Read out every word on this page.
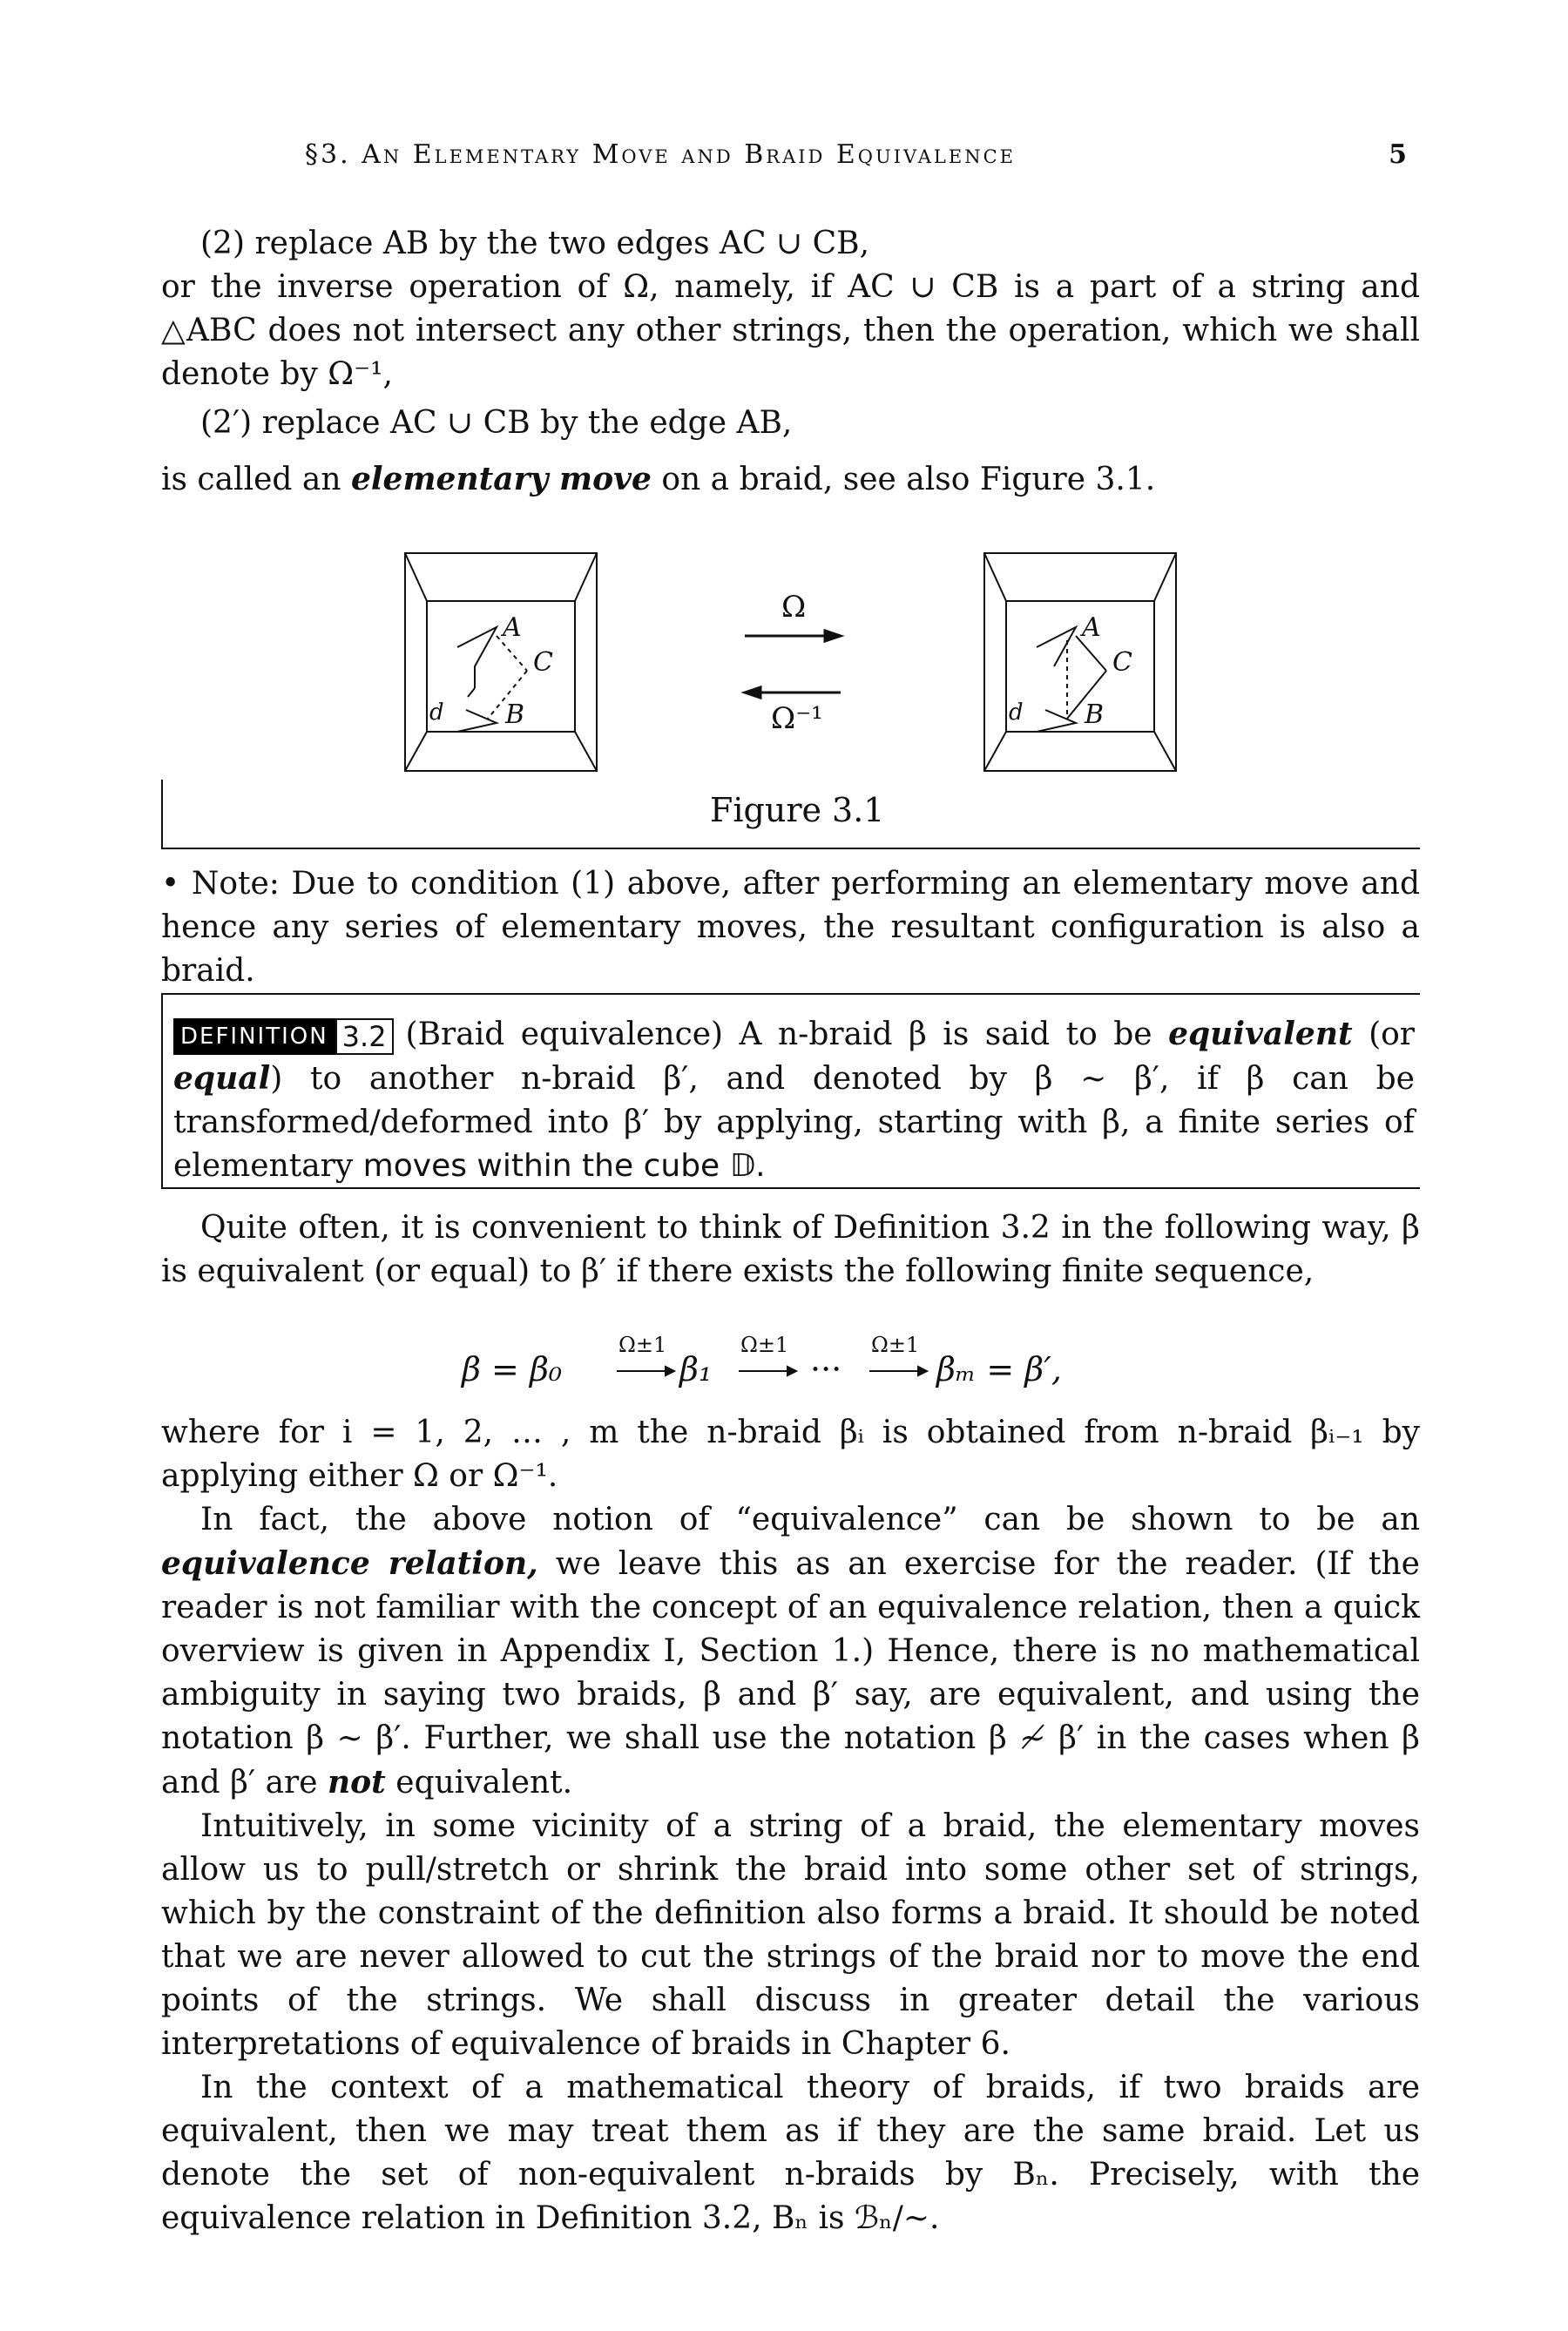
§3. An Elementary Move and Braid Equivalence	5

(2) replace AB by the two edges AC ∪ CB,

or the inverse operation of Ω, namely, if AC ∪ CB is a part of a string and △ABC does not intersect any other strings, then the operation, which we shall denote by Ω⁻¹,

(2′) replace AC ∪ CB by the edge AB,

is called an elementary move on a braid, see also Figure 3.1.

Ω
Ω⁻¹
A
C
B
d
A
C
B
d
Figure 3.1

• Note: Due to condition (1) above, after performing an elementary move and hence any series of elementary moves, the resultant configuration is also a braid.

DEFINITION 3.2 (Braid equivalence) A n-braid β is said to be equivalent (or equal) to another n-braid β′, and denoted by β ∼ β′, if β can be transformed/deformed into β′ by applying, starting with β, a finite series of elementary moves within the cube 𝔻.

Quite often, it is convenient to think of Definition 3.2 in the following way, β is equivalent (or equal) to β′ if there exists the following finite sequence,

β = β₀
Ω±1
β₁
Ω±1
···
Ω±1
βₘ = β′,

where for i = 1, 2, … , m the n-braid βᵢ is obtained from n-braid βᵢ₋₁ by applying either Ω or Ω⁻¹.

In fact, the above notion of “equivalence” can be shown to be an equivalence relation, we leave this as an exercise for the reader. (If the reader is not familiar with the concept of an equivalence relation, then a quick overview is given in Appendix I, Section 1.) Hence, there is no mathematical ambiguity in saying two braids, β and β′ say, are equivalent, and using the notation β ∼ β′. Further, we shall use the notation β ≁ β′ in the cases when β and β′ are not equivalent.

Intuitively, in some vicinity of a string of a braid, the elementary moves allow us to pull/stretch or shrink the braid into some other set of strings, which by the constraint of the definition also forms a braid. It should be noted that we are never allowed to cut the strings of the braid nor to move the end points of the strings. We shall discuss in greater detail the various interpretations of equivalence of braids in Chapter 6.

In the context of a mathematical theory of braids, if two braids are equivalent, then we may treat them as if they are the same braid. Let us denote the set of non-equivalent n-braids by Bₙ. Precisely, with the equivalence relation in Definition 3.2, Bₙ is ℬₙ/∼.
